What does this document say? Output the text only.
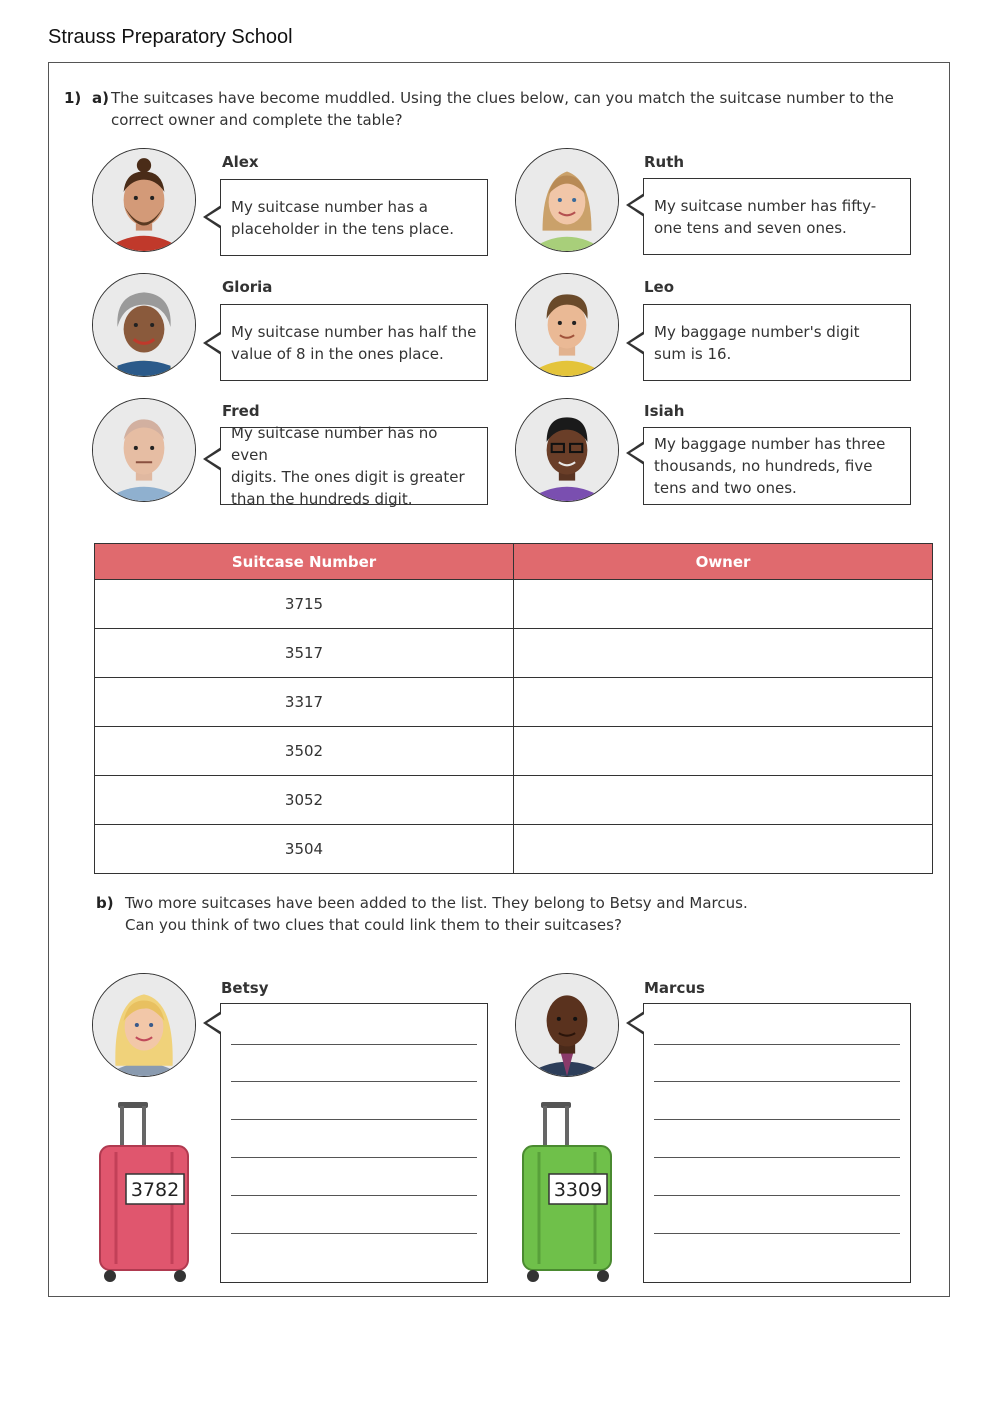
Strauss Preparatory School
1) a) The suitcases have become muddled. Using the clues below, can you match the suitcase number to the
correct owner and complete the table?
Alex
My suitcase number has a
placeholder in the tens place.
Ruth
My suitcase number has fifty-
one tens and seven ones.
Gloria
My suitcase number has half the
value of 8 in the ones place.
Leo
My baggage number's digit
sum is 16.
Fred
My suitcase number has no even
digits. The ones digit is greater
than the hundreds digit.
Isiah
My baggage number has three
thousands, no hundreds, five
tens and two ones.
Suitcase Number	Owner
3715	
3517	
3317	
3502	
3052	
3504	
b) Two more suitcases have been added to the list. They belong to Betsy and Marcus.
Can you think of two clues that could link them to their suitcases?
Betsy
3782
Marcus
3309
